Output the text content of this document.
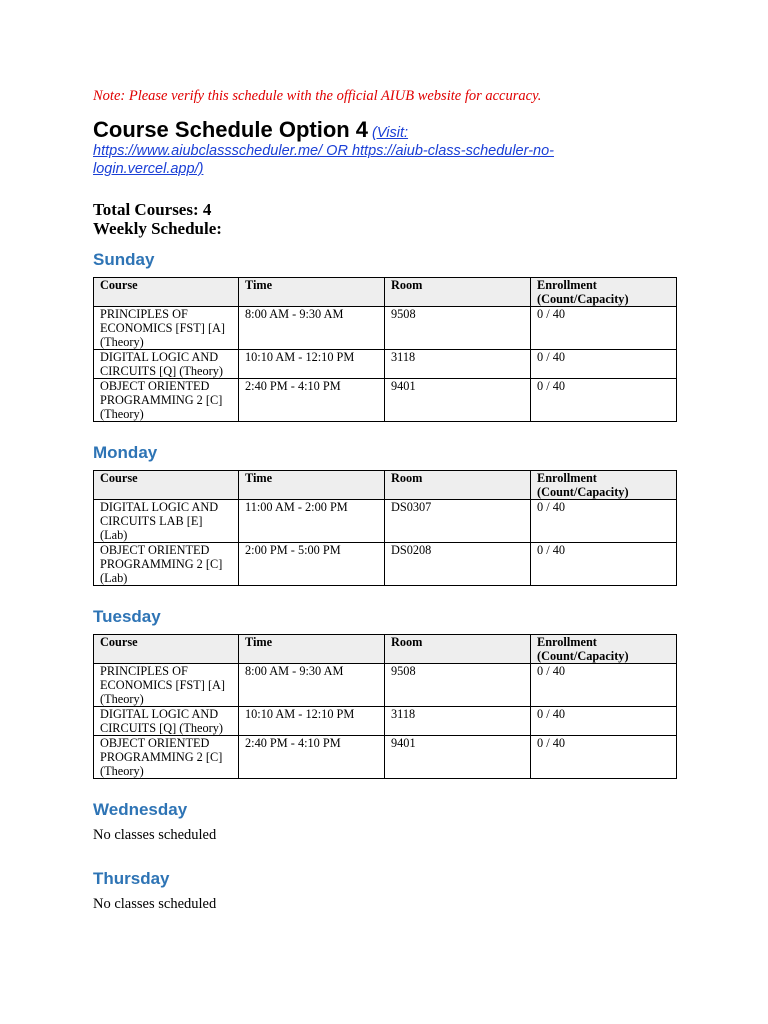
Note: Please verify this schedule with the official AIUB website for accuracy.
Course Schedule Option 4 (Visit: https://www.aiubclassscheduler.me/ OR https://aiub-class-scheduler-no-login.vercel.app/)
Total Courses: 4
Weekly Schedule:
Sunday
Course	Time	Room	Enrollment (Count/Capacity)
PRINCIPLES OF ECONOMICS [FST] [A] (Theory)	8:00 AM - 9:30 AM	9508	0 / 40
DIGITAL LOGIC AND CIRCUITS [Q] (Theory)	10:10 AM - 12:10 PM	3118	0 / 40
OBJECT ORIENTED PROGRAMMING 2 [C] (Theory)	2:40 PM - 4:10 PM	9401	0 / 40
Monday
Course	Time	Room	Enrollment (Count/Capacity)
DIGITAL LOGIC AND CIRCUITS LAB [E] (Lab)	11:00 AM - 2:00 PM	DS0307	0 / 40
OBJECT ORIENTED PROGRAMMING 2 [C] (Lab)	2:00 PM - 5:00 PM	DS0208	0 / 40
Tuesday
Course	Time	Room	Enrollment (Count/Capacity)
PRINCIPLES OF ECONOMICS [FST] [A] (Theory)	8:00 AM - 9:30 AM	9508	0 / 40
DIGITAL LOGIC AND CIRCUITS [Q] (Theory)	10:10 AM - 12:10 PM	3118	0 / 40
OBJECT ORIENTED PROGRAMMING 2 [C] (Theory)	2:40 PM - 4:10 PM	9401	0 / 40
Wednesday
No classes scheduled
Thursday
No classes scheduled
